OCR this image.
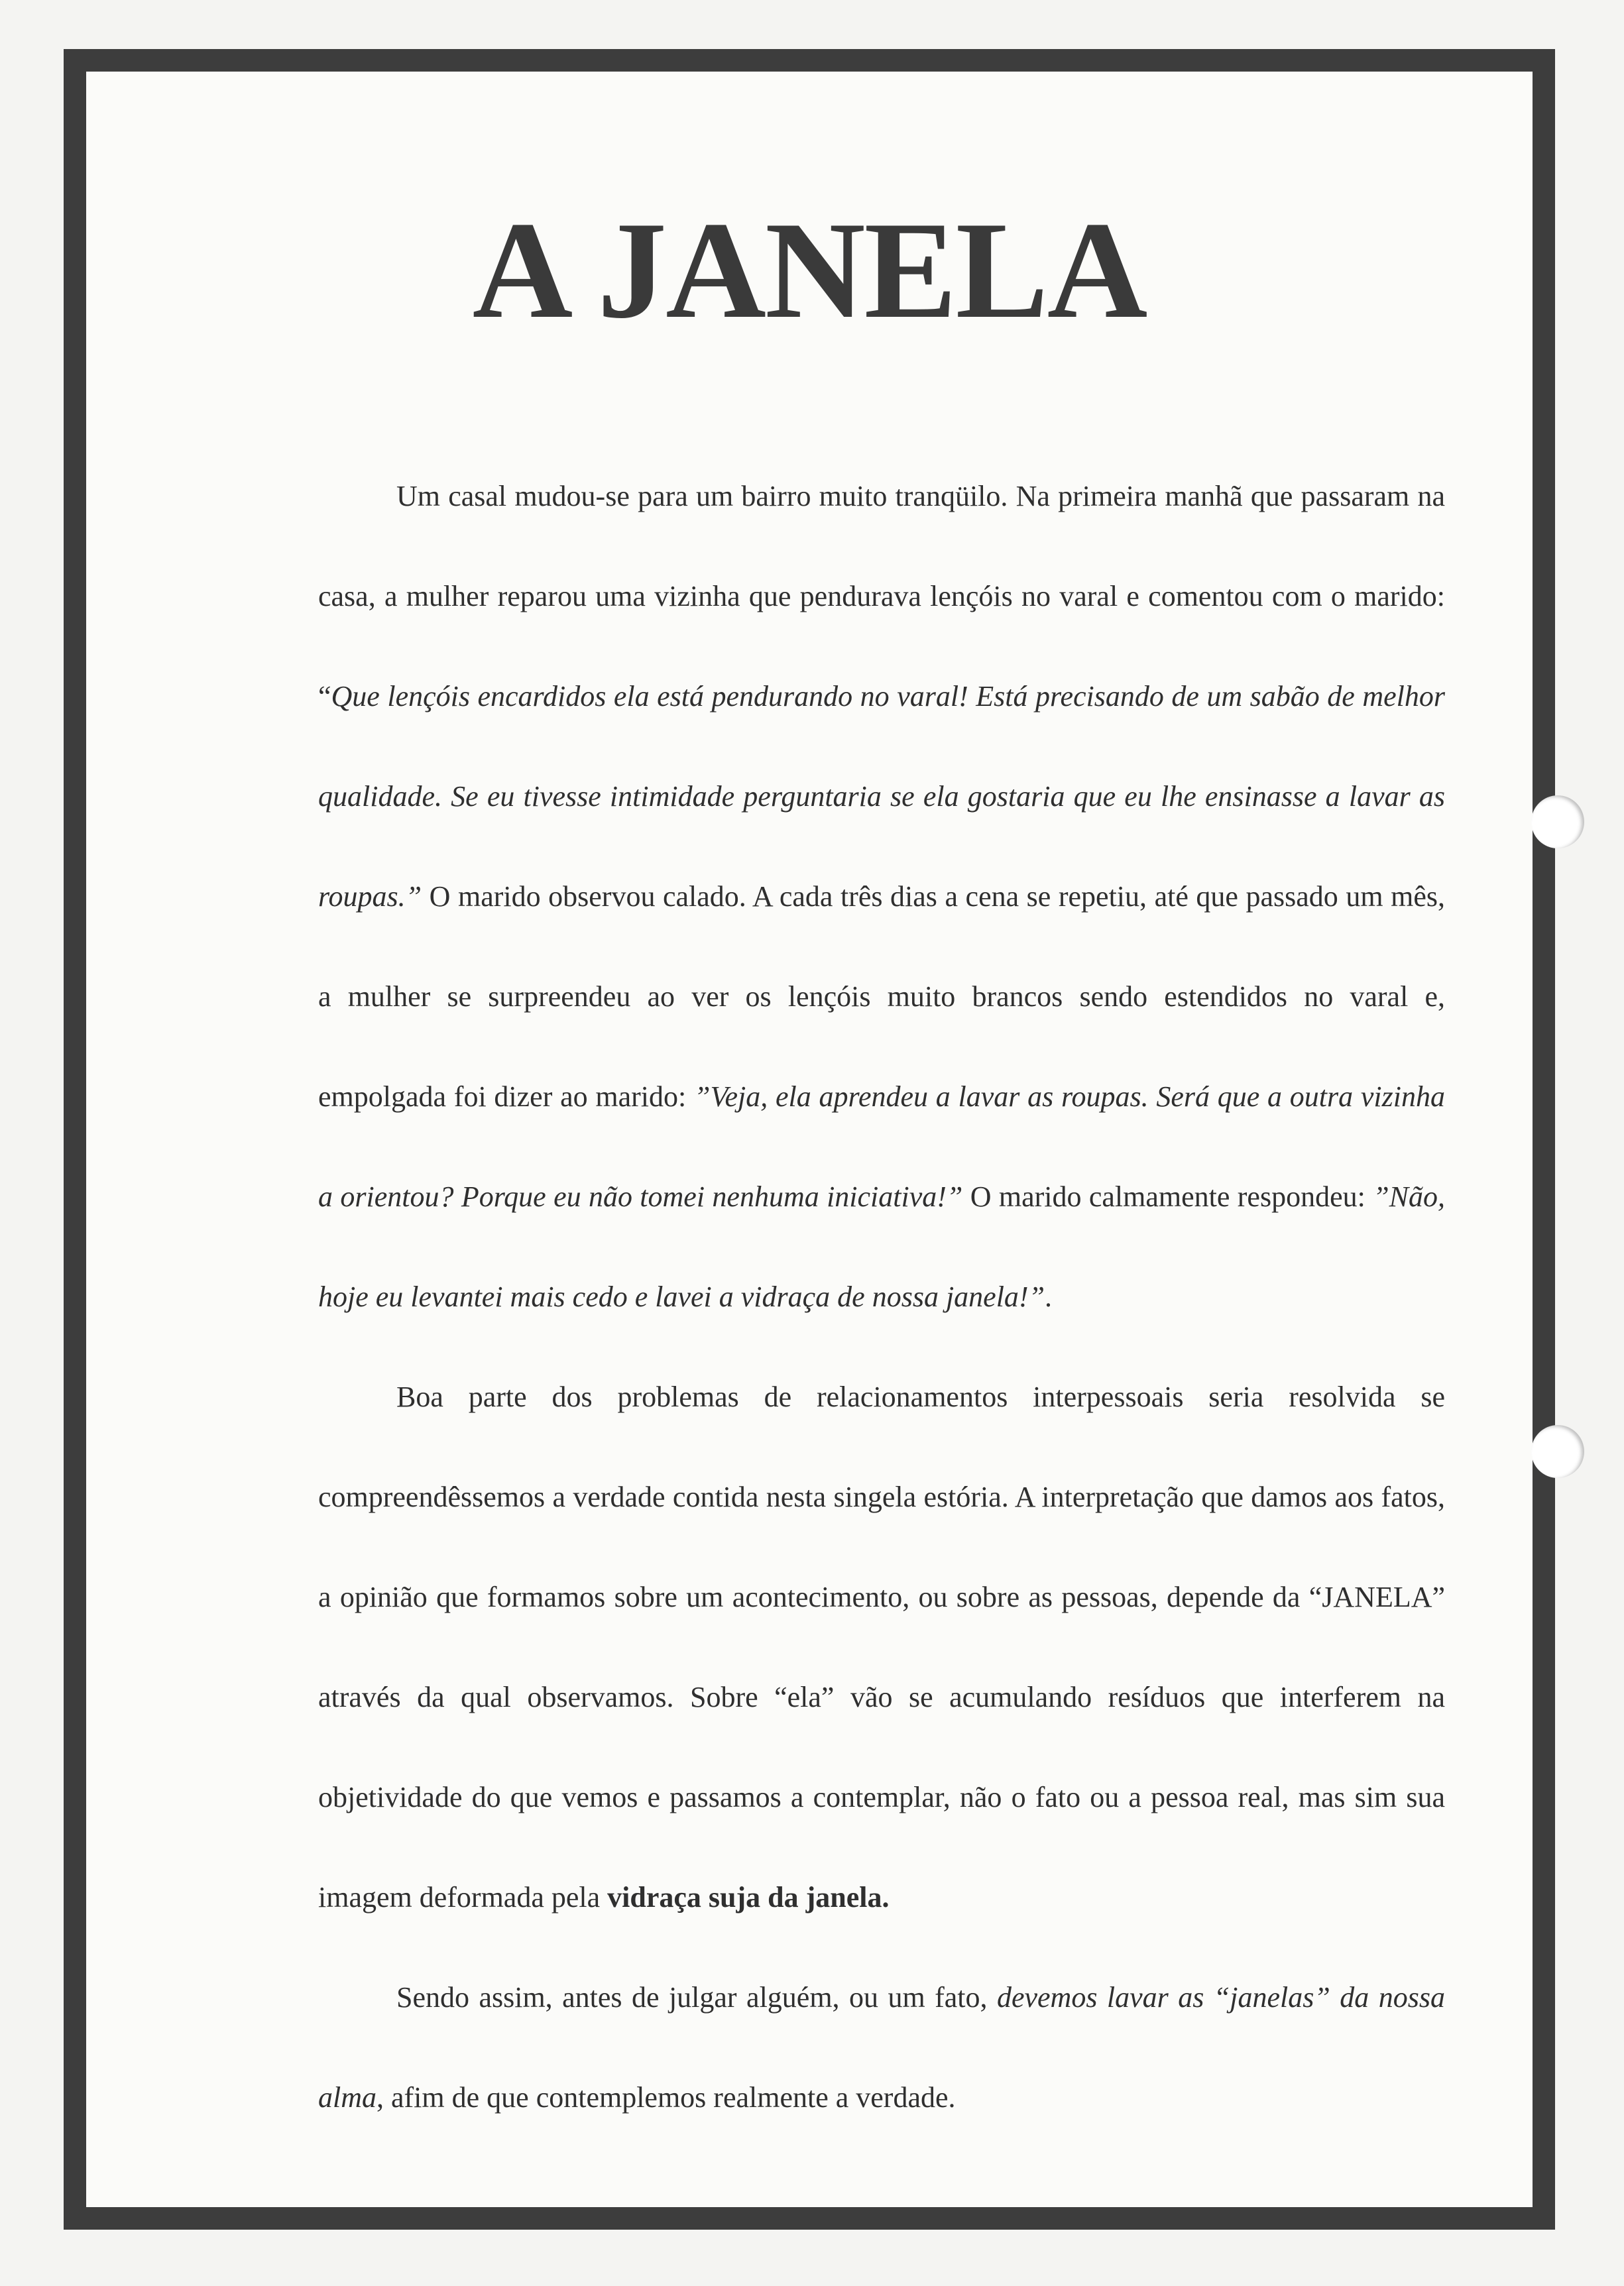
A JANELA

Um casal mudou-se para um bairro muito tranqüilo. Na primeira manhã que passaram na casa, a mulher reparou uma vizinha que pendurava lençóis no varal e comentou com o marido: “Que lençóis encardidos ela está pendurando no varal! Está precisando de um sabão de melhor qualidade. Se eu tivesse intimidade perguntaria se ela gostaria que eu lhe ensinasse a lavar as roupas.” O marido observou calado. A cada três dias a cena se repetiu, até que passado um mês, a mulher se surpreendeu ao ver os lençóis muito brancos sendo estendidos no varal e, empolgada foi dizer ao marido: ”Veja, ela aprendeu a lavar as roupas. Será que a outra vizinha a orientou? Porque eu não tomei nenhuma iniciativa!” O marido calmamente respondeu: ”Não, hoje eu levantei mais cedo e lavei a vidraça de nossa janela!”.

Boa parte dos problemas de relacionamentos interpessoais seria resolvida se compreendêssemos a verdade contida nesta singela estória. A interpretação que damos aos fatos, a opinião que formamos sobre um acontecimento, ou sobre as pessoas, depende da “JANELA” através da qual observamos. Sobre “ela” vão se acumulando resíduos que interferem na objetividade do que vemos e passamos a contemplar, não o fato ou a pessoa real, mas sim sua imagem deformada pela vidraça suja da janela.

Sendo assim, antes de julgar alguém, ou um fato, devemos lavar as “janelas” da nossa alma, afim de que contemplemos realmente a verdade.
